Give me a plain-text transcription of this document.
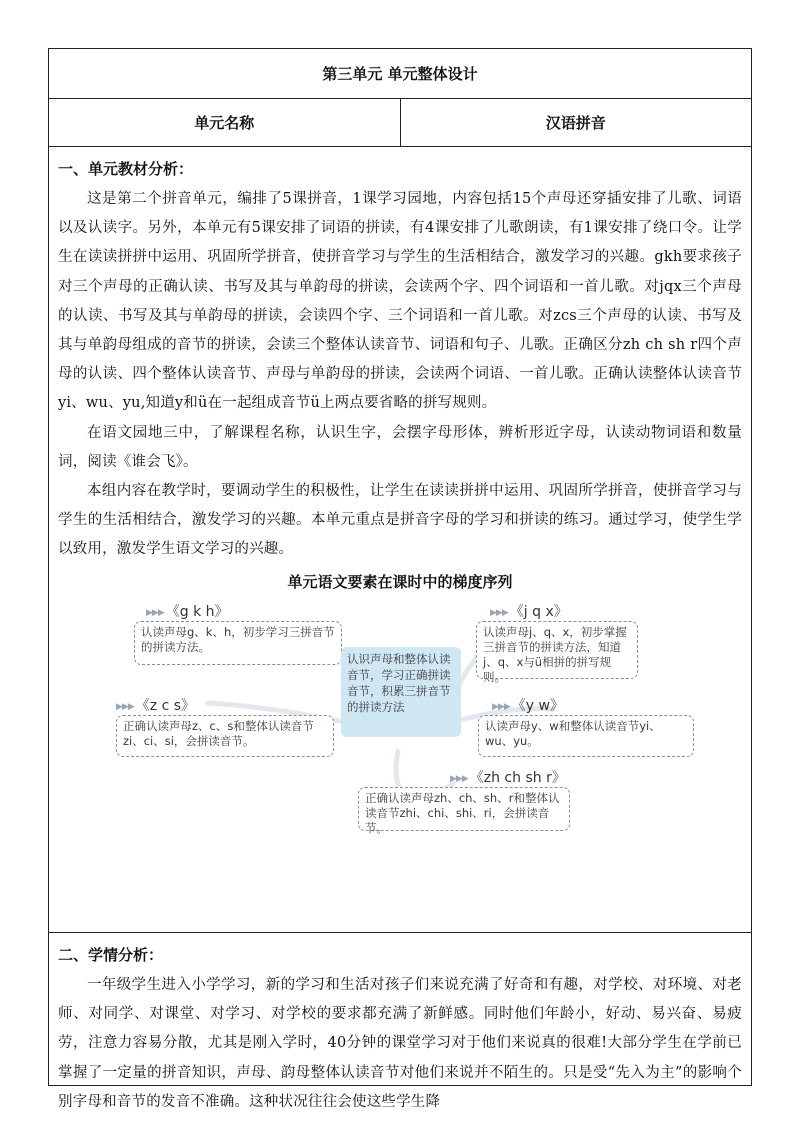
第三单元 单元整体设计
单元名称	汉语拼音
一、单元教材分析：

这是第二个拼音单元，编排了5课拼音，1课学习园地，内容包括15个声母还穿插安排了儿歌、词语以及认读字。另外，本单元有5课安排了词语的拼读，有4课安排了儿歌朗读，有1课安排了绕口令。让学生在读读拼拼中运用、巩固所学拼音，使拼音学习与学生的生活相结合，激发学习的兴趣。gkh要求孩子对三个声母的正确认读、书写及其与单韵母的拼读，会读两个字、四个词语和一首儿歌。对jqx三个声母的认读、书写及其与单韵母的拼读，会读四个字、三个词语和一首儿歌。对zcs三个声母的认读、书写及其与单韵母组成的音节的拼读，会读三个整体认读音节、词语和句子、儿歌。正确区分zh ch sh r四个声母的认读、四个整体认读音节、声母与单韵母的拼读，会读两个词语、一首儿歌。正确认读整体认读音节yi、wu、yu,知道y和ü在一起组成音节ü上两点要省略的拼写规则。

在语文园地三中，了解课程名称，认识生字，会摆字母形体，辨析形近字母，认读动物词语和数量词，阅读《谁会飞》。

本组内容在教学时，要调动学生的积极性，让学生在读读拼拼中运用、巩固所学拼音，使拼音学习与学生的生活相结合，激发学习的兴趣。本单元重点是拼音字母的学习和拼读的练习。通过学习，使学生学以致用，激发学生语文学习的兴趣。

单元语文要素在课时中的梯度序列
▶▶▶ 《g k h》
认读声母g、k、h，初步学习三拼音节的拼读方法。
▶▶▶ 《j q x》
认读声母j、q、x，初步掌握三拼音节的拼读方法，知道j、q、x与ü相拼的拼写规则。
认识声母和整体认读音节，学习正确拼读音节，积累三拼音节的拼读方法
▶▶▶ 《z c s》
正确认读声母z、c、s和整体认读音节zi、ci、si，会拼读音节。
▶▶▶ 《y w》
认读声母y、w和整体认读音节yi、wu、yu。
▶▶▶ 《zh ch sh r》
正确认读声母zh、ch、sh、r和整体认读音节zhi、chi、shi、ri，会拼读音节。
二、学情分析：

一年级学生进入小学学习，新的学习和生活对孩子们来说充满了好奇和有趣，对学校、对环境、对老师、对同学、对课堂、对学习、对学校的要求都充满了新鲜感。同时他们年龄小，好动、易兴奋、易疲劳，注意力容易分散，尤其是刚入学时，40分钟的课堂学习对于他们来说真的很难!大部分学生在学前已掌握了一定量的拼音知识，声母、韵母整体认读音节对他们来说并不陌生的。只是受“先入为主”的影响个别字母和音节的发音不准确。这种状况往往会使这些学生降
